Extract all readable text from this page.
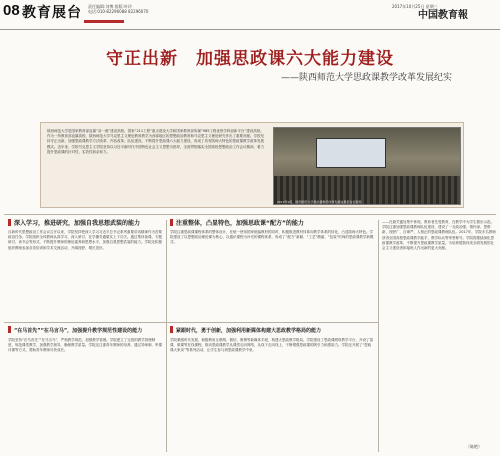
08 教育展台 责任编辑:刘博 排版:叶玲
电话:010-82296088 82296070
2017年10月25日 星期三
中国教育報
守正出新　加强思政课六大能力建设
——陕西师范大学思政课教学改革发展纪实
陕西师范大学是国家教育部直属“双一流”建设高校、国家“211工程”重点建设大学和国家教育部所属“985工程优势学科创新平台”建设高校。作为一所教育部直属高校，陕西师范大学马克思主义理论教育教学为西部地区的思想政治教育和马克思主义理论研究作出了重要贡献。学校坚持守正出新，加强思政课教学方法改革、内容改革、队伍建设，不断提升思政课六大能力建设，形成了具有陕师大特色的思政课教学改革发展模式。近年来，学校马克思主义学院坚持以习近平新时代中国特色社会主义思想为指导，全面贯彻落实全国高校思想政治工作会议精神，着力提升思政课的针对性、实效性和亲和力。
2017年9月，陕西师范大学思政课教学改革发展成果报告会现场
深入学习，推进研究，加强自我思想武装的能力
自新时代思想政治工作会议召开以来，学院坚持把深入学习习近平总书记系列重要讲话精神作为首要政治任务。学院组织全体教师认真学习、深入研讨，在学懂弄通做实上下功夫。通过集体备课、专题研讨、读书会等形式，不断提升教师的理论素养和思想水平，加强自我思想武装的能力。学院还积极组织教师参加各类培训和学术交流活动，开阔视野，增长见识。
注重整体，凸显特色，加强思政课“配方”的能力
学院注重思政课课程体系的整体设计，在统一使用国家统编教材的同时，积极推进教材体系向教学体系的转化，凸显陕师大特色。学院建设了以思想政治理论课为核心、以通识课程为补充的课程体系，形成了“配方”新颖、“工艺”精湛、“包装”时尚的思政课教学新模式。
“在马首先”“在马言马”，加强提升教学规范性建设的能力
学院坚持“在马首先”“在马言马”，严格教学规范，加强教学管理。学院建立了完善的教学管理制度，规范课堂教学，加强教学督导，确保教学质量。学院还注重青年教师的培养，通过导师制、听课评课等方式，帮助青年教师尽快成长。
紧跟时代，勇于创新，加强利用新媒体构建大思政教学格局的能力
学院紧跟时代发展，积极利用互联网、微信、微博等新媒体手段，构建大思政教学格局。学院建设了思政课网络教学平台，开设了慕课、微课等在线课程，推动思政课教学从课堂走向网络，从线下走向线上，不断增强思政课的吸引力和感染力。学院还开展了“思政课大家谈”等系列活动，让学生参与到思政课教学中来。
——在最关键处集中体现，教育者先受教育，在教学中为学生做出示范。学院注重加强思政课教师队伍建设，建设了一支政治强、情怀深、思维新、视野广、自律严、人格正的思政课教师队伍。2017年，学院多名教师获得全国高校思政课教学能手、教学标兵等荣誉称号。学院将继续深化思政课教学改革，不断提升思政课教学质量，为培养德智体美全面发展的社会主义建设者和接班人作出新的更大贡献。
（陈艳）
